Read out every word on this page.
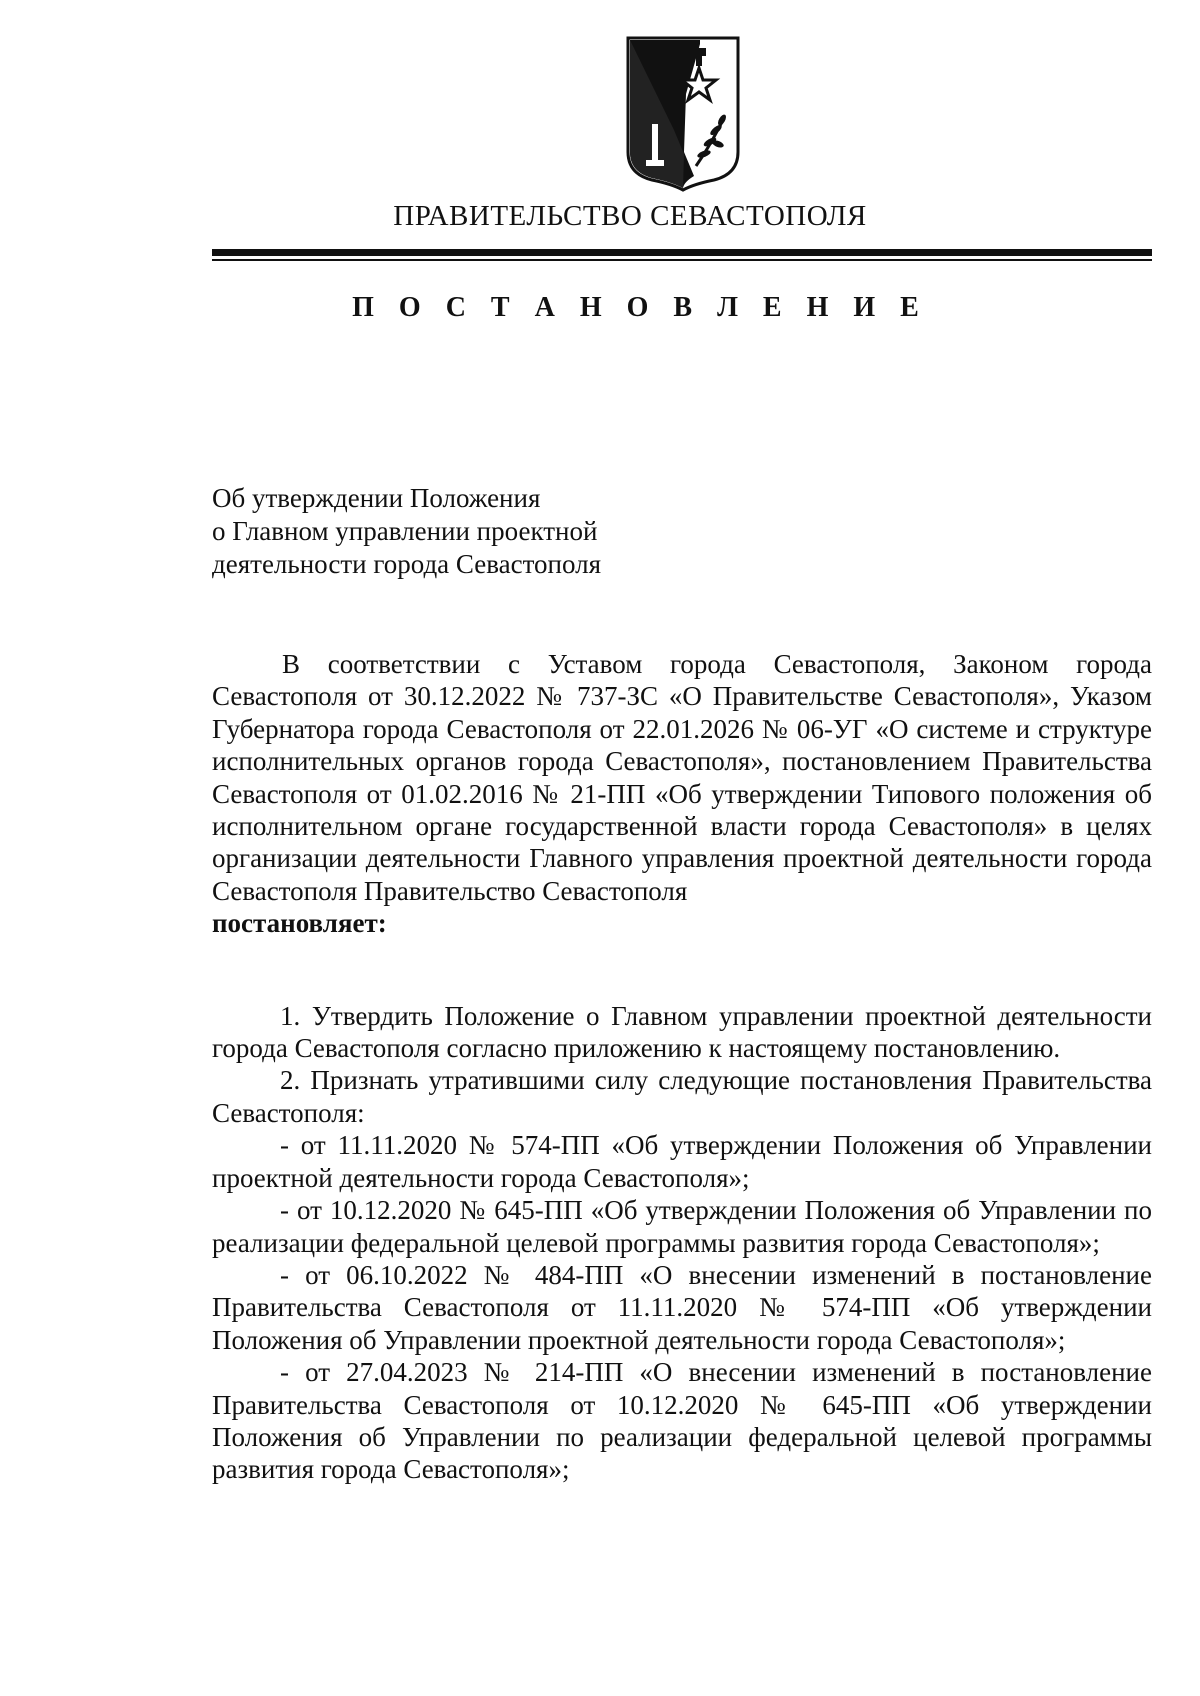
ПРАВИТЕЛЬСТВО СЕВАСТОПОЛЯ
П О С Т А Н О В Л Е Н И Е
Об утверждении Положения
о Главном управлении проектной
деятельности города Севастополя

В соответствии с Уставом города Севастополя, Законом города Севастополя от 30.12.2022 № 737-ЗС «О Правительстве Севастополя», Указом Губернатора города Севастополя от 22.01.2026 № 06-УГ «О системе и структуре исполнительных органов города Севастополя», постановлением Правительства Севастополя от 01.02.2016 № 21-ПП «Об утверждении Типового положения об исполнительном органе государственной власти города Севастополя» в целях организации деятельности Главного управления проектной деятельности города Севастополя Правительство Севастополя
постановляет:

1. Утвердить Положение о Главном управлении проектной деятельности города Севастополя согласно приложению к настоящему постановлению.

2. Признать утратившими силу следующие постановления Правительства Севастополя:

- от 11.11.2020 № 574-ПП «Об утверждении Положения об Управлении проектной деятельности города Севастополя»;

- от 10.12.2020 № 645-ПП «Об утверждении Положения об Управлении по реализации федеральной целевой программы развития города Севастополя»;

- от 06.10.2022 № 484-ПП «О внесении изменений в постановление Правительства Севастополя от 11.11.2020 № 574-ПП «Об утверждении Положения об Управлении проектной деятельности города Севастополя»;

- от 27.04.2023 № 214-ПП «О внесении изменений в постановление Правительства Севастополя от 10.12.2020 № 645-ПП «Об утверждении Положения об Управлении по реализации федеральной целевой программы развития города Севастополя»;
